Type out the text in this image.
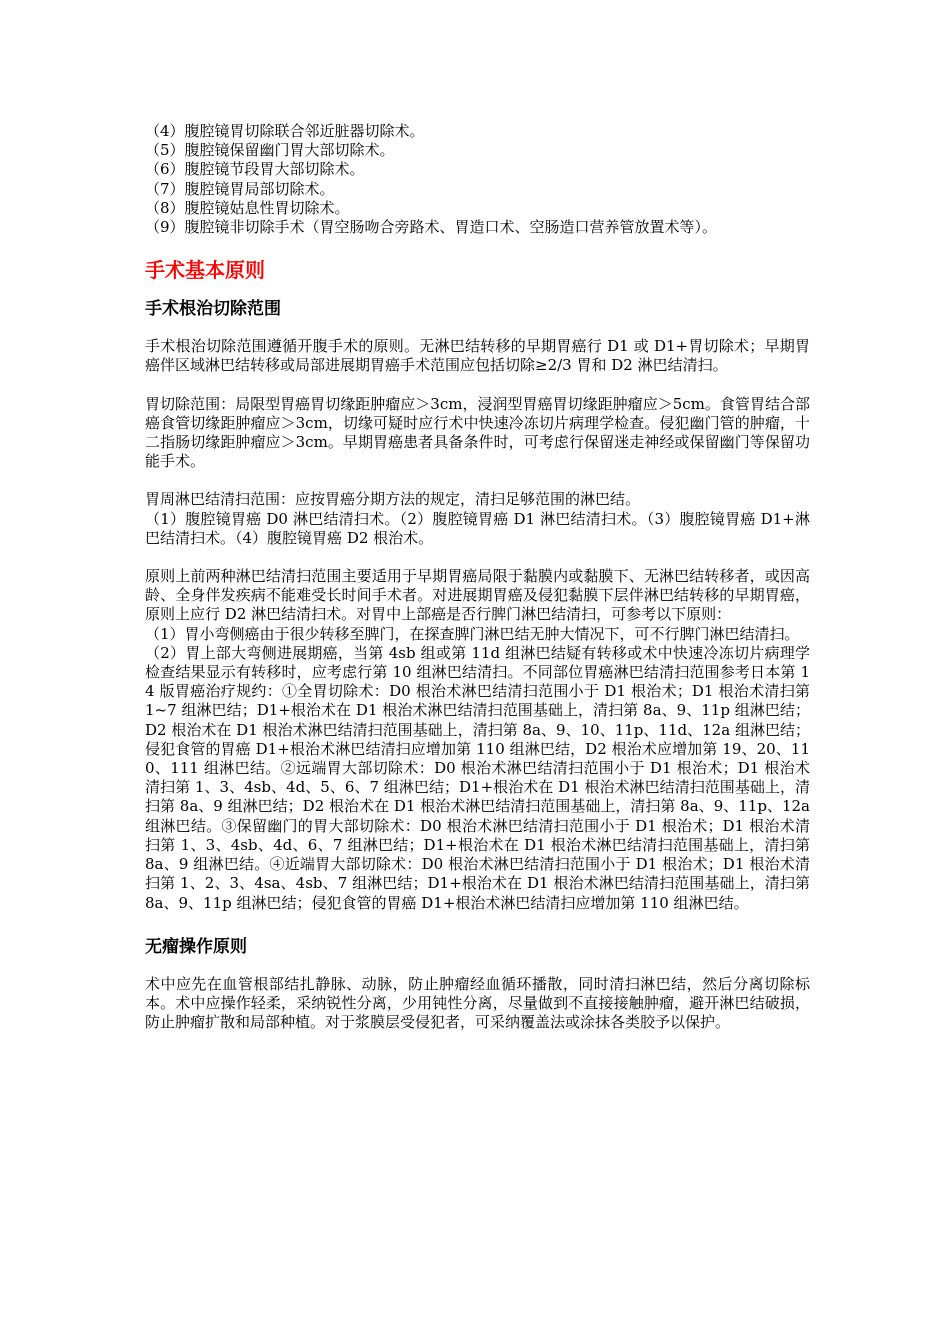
（4）腹腔镜胃切除联合邻近脏器切除术。

（5）腹腔镜保留幽门胃大部切除术。

（6）腹腔镜节段胃大部切除术。

（7）腹腔镜胃局部切除术。

（8）腹腔镜姑息性胃切除术。

（9）腹腔镜非切除手术（胃空肠吻合旁路术、胃造口术、空肠造口营养管放置术等）。

手术基本原则
手术根治切除范围

手术根治切除范围遵循开腹手术的原则。无淋巴结转移的早期胃癌行 D1 或 D1+胃切除术；早期胃癌伴区域淋巴结转移或局部进展期胃癌手术范围应包括切除≥2/3 胃和 D2 淋巴结清扫。

胃切除范围：局限型胃癌胃切缘距肿瘤应＞3cm，浸润型胃癌胃切缘距肿瘤应＞5cm。食管胃结合部癌食管切缘距肿瘤应＞3cm，切缘可疑时应行术中快速冷冻切片病理学检查。侵犯幽门管的肿瘤，十二指肠切缘距肿瘤应＞3cm。早期胃癌患者具备条件时，可考虑行保留迷走神经或保留幽门等保留功能手术。

胃周淋巴结清扫范围：应按胃癌分期方法的规定，清扫足够范围的淋巴结。

（1）腹腔镜胃癌 D0 淋巴结清扫术。（2）腹腔镜胃癌 D1 淋巴结清扫术。（3）腹腔镜胃癌 D1+淋巴结清扫术。（4）腹腔镜胃癌 D2 根治术。

原则上前两种淋巴结清扫范围主要适用于早期胃癌局限于黏膜内或黏膜下、无淋巴结转移者，或因高龄、全身伴发疾病不能难受长时间手术者。对进展期胃癌及侵犯黏膜下层伴淋巴结转移的早期胃癌，原则上应行 D2 淋巴结清扫术。对胃中上部癌是否行脾门淋巴结清扫，可参考以下原则：

（1）胃小弯侧癌由于很少转移至脾门，在探查脾门淋巴结无肿大情况下，可不行脾门淋巴结清扫。

（2）胃上部大弯侧进展期癌，当第 4sb 组或第 11d 组淋巴结疑有转移或术中快速冷冻切片病理学检查结果显示有转移时，应考虑行第 10 组淋巴结清扫。不同部位胃癌淋巴结清扫范围参考日本第 14 版胃癌治疗规约：①全胃切除术：D0 根治术淋巴结清扫范围小于 D1 根治术；D1 根治术清扫第 1~7 组淋巴结；D1+根治术在 D1 根治术淋巴结清扫范围基础上，清扫第 8a、9、11p 组淋巴结；D2 根治术在 D1 根治术淋巴结清扫范围基础上，清扫第 8a、9、10、11p、11d、12a 组淋巴结；侵犯食管的胃癌 D1+根治术淋巴结清扫应增加第 110 组淋巴结，D2 根治术应增加第 19、20、110、111 组淋巴结。②远端胃大部切除术：D0 根治术淋巴结清扫范围小于 D1 根治术；D1 根治术清扫第 1、3、4sb、4d、5、6、7 组淋巴结；D1+根治术在 D1 根治术淋巴结清扫范围基础上，清扫第 8a、9 组淋巴结；D2 根治术在 D1 根治术淋巴结清扫范围基础上，清扫第 8a、9、11p、12a 组淋巴结。③保留幽门的胃大部切除术：D0 根治术淋巴结清扫范围小于 D1 根治术；D1 根治术清扫第 1、3、4sb、4d、6、7 组淋巴结；D1+根治术在 D1 根治术淋巴结清扫范围基础上，清扫第 8a、9 组淋巴结。④近端胃大部切除术：D0 根治术淋巴结清扫范围小于 D1 根治术；D1 根治术清扫第 1、2、3、4sa、4sb、7 组淋巴结；D1+根治术在 D1 根治术淋巴结清扫范围基础上，清扫第 8a、9、11p 组淋巴结；侵犯食管的胃癌 D1+根治术淋巴结清扫应增加第 110 组淋巴结。

无瘤操作原则

术中应先在血管根部结扎静脉、动脉，防止肿瘤经血循环播散，同时清扫淋巴结，然后分离切除标本。术中应操作轻柔，采纳锐性分离，少用钝性分离，尽量做到不直接接触肿瘤，避开淋巴结破损，防止肿瘤扩散和局部种植。对于浆膜层受侵犯者，可采纳覆盖法或涂抹各类胶予以保护。
